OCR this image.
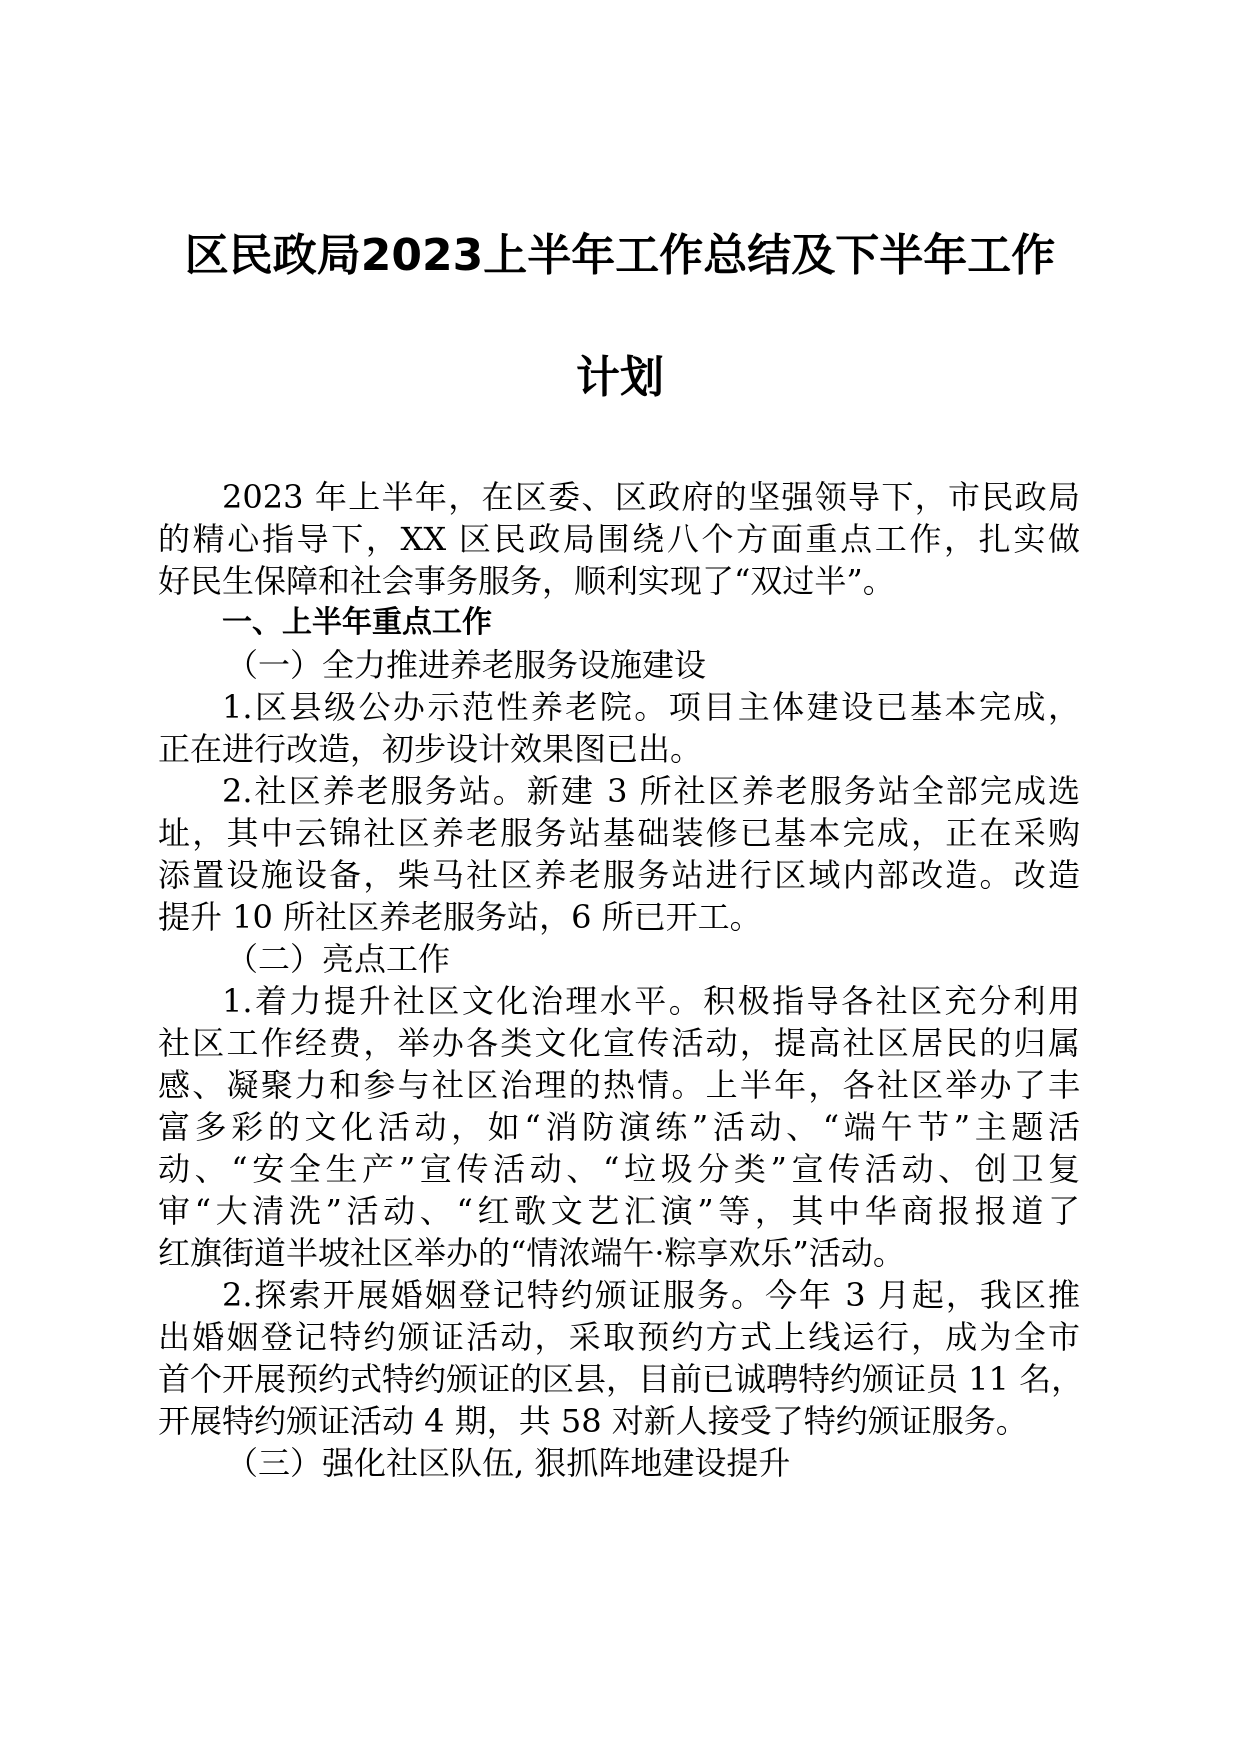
区民政局2023上半年工作总结及下半年工作
计划
2023 年上半年，在区委、区政府的坚强领导下，市民政局
的精心指导下，XX 区民政局围绕八个方面重点工作，扎实做
好民生保障和社会事务服务，顺利实现了“双过半”。
一、上半年重点工作
（一）全力推进养老服务设施建设
1.区县级公办示范性养老院。项目主体建设已基本完成，
正在进行改造，初步设计效果图已出。
2.社区养老服务站。新建 3 所社区养老服务站全部完成选
址，其中云锦社区养老服务站基础装修已基本完成，正在采购
添置设施设备，柴马社区养老服务站进行区域内部改造。改造
提升 10 所社区养老服务站，6 所已开工。
（二）亮点工作
1.着力提升社区文化治理水平。积极指导各社区充分利用
社区工作经费，举办各类文化宣传活动，提高社区居民的归属
感、凝聚力和参与社区治理的热情。上半年，各社区举办了丰
富多彩的文化活动，如“消防演练”活动、“端午节”主题活
动、“安全生产”宣传活动、“垃圾分类”宣传活动、创卫复
审“大清洗”活动、“红歌文艺汇演”等，其中华商报报道了
红旗街道半坡社区举办的“情浓端午·粽享欢乐”活动。
2.探索开展婚姻登记特约颁证服务。今年 3 月起，我区推
出婚姻登记特约颁证活动，采取预约方式上线运行，成为全市
首个开展预约式特约颁证的区县，目前已诚聘特约颁证员 11 名，
开展特约颁证活动 4 期，共 58 对新人接受了特约颁证服务。
（三）强化社区队伍, 狠抓阵地建设提升
